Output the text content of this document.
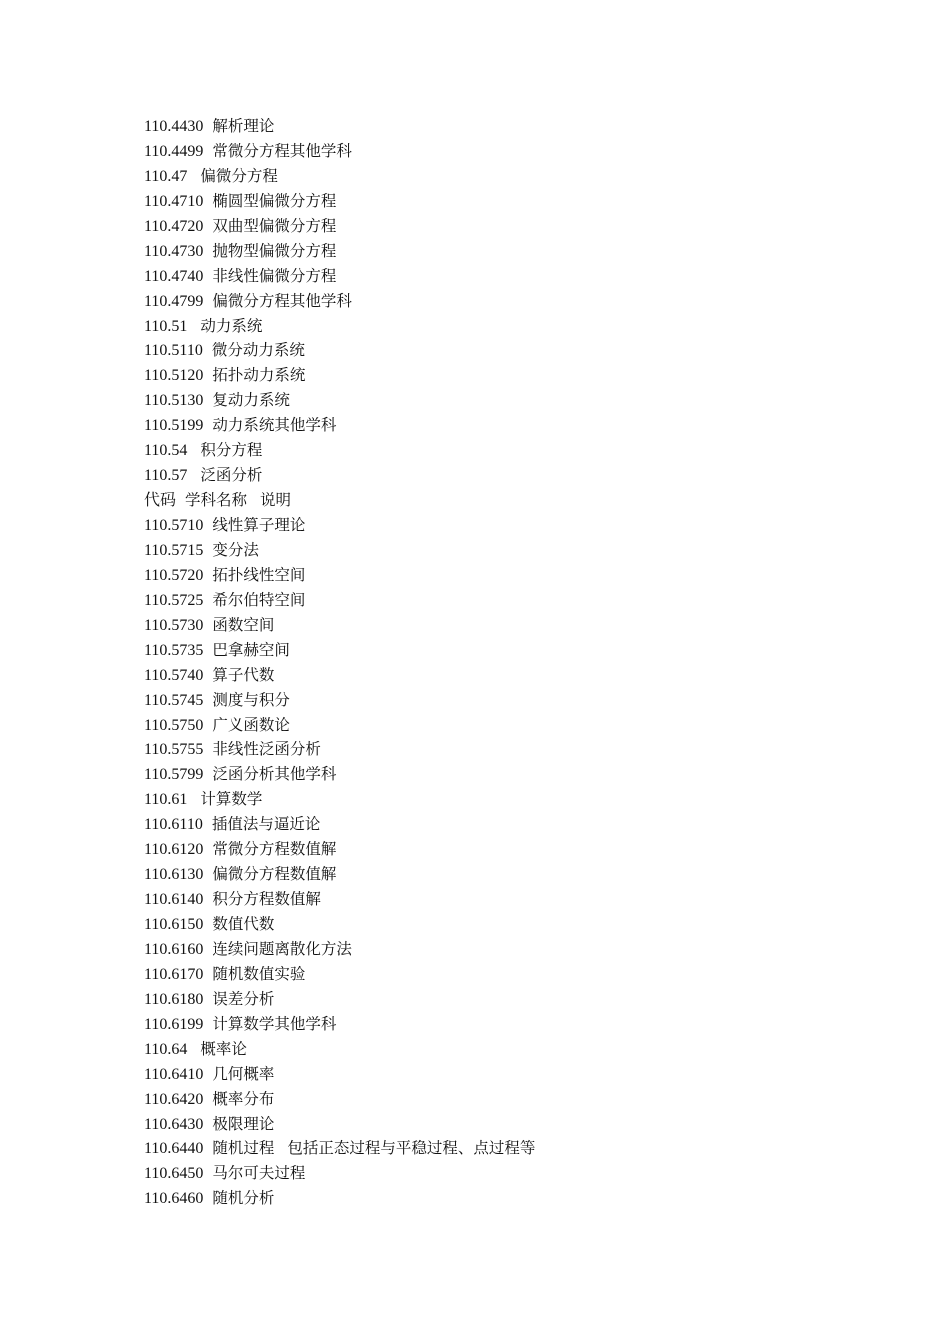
110.4430 解析理论
110.4499 常微分方程其他学科
110.47 偏微分方程
110.4710 椭圆型偏微分方程
110.4720 双曲型偏微分方程
110.4730 抛物型偏微分方程
110.4740 非线性偏微分方程
110.4799 偏微分方程其他学科
110.51 动力系统
110.5110 微分动力系统
110.5120 拓扑动力系统
110.5130 复动力系统
110.5199 动力系统其他学科
110.54 积分方程
110.57 泛函分析
代码 学科名称 说明
110.5710 线性算子理论
110.5715 变分法
110.5720 拓扑线性空间
110.5725 希尔伯特空间
110.5730 函数空间
110.5735 巴拿赫空间
110.5740 算子代数
110.5745 测度与积分
110.5750 广义函数论
110.5755 非线性泛函分析
110.5799 泛函分析其他学科
110.61 计算数学
110.6110 插值法与逼近论
110.6120 常微分方程数值解
110.6130 偏微分方程数值解
110.6140 积分方程数值解
110.6150 数值代数
110.6160 连续问题离散化方法
110.6170 随机数值实验
110.6180 误差分析
110.6199 计算数学其他学科
110.64 概率论
110.6410 几何概率
110.6420 概率分布
110.6430 极限理论
110.6440 随机过程 包括正态过程与平稳过程、点过程等
110.6450 马尔可夫过程
110.6460 随机分析
